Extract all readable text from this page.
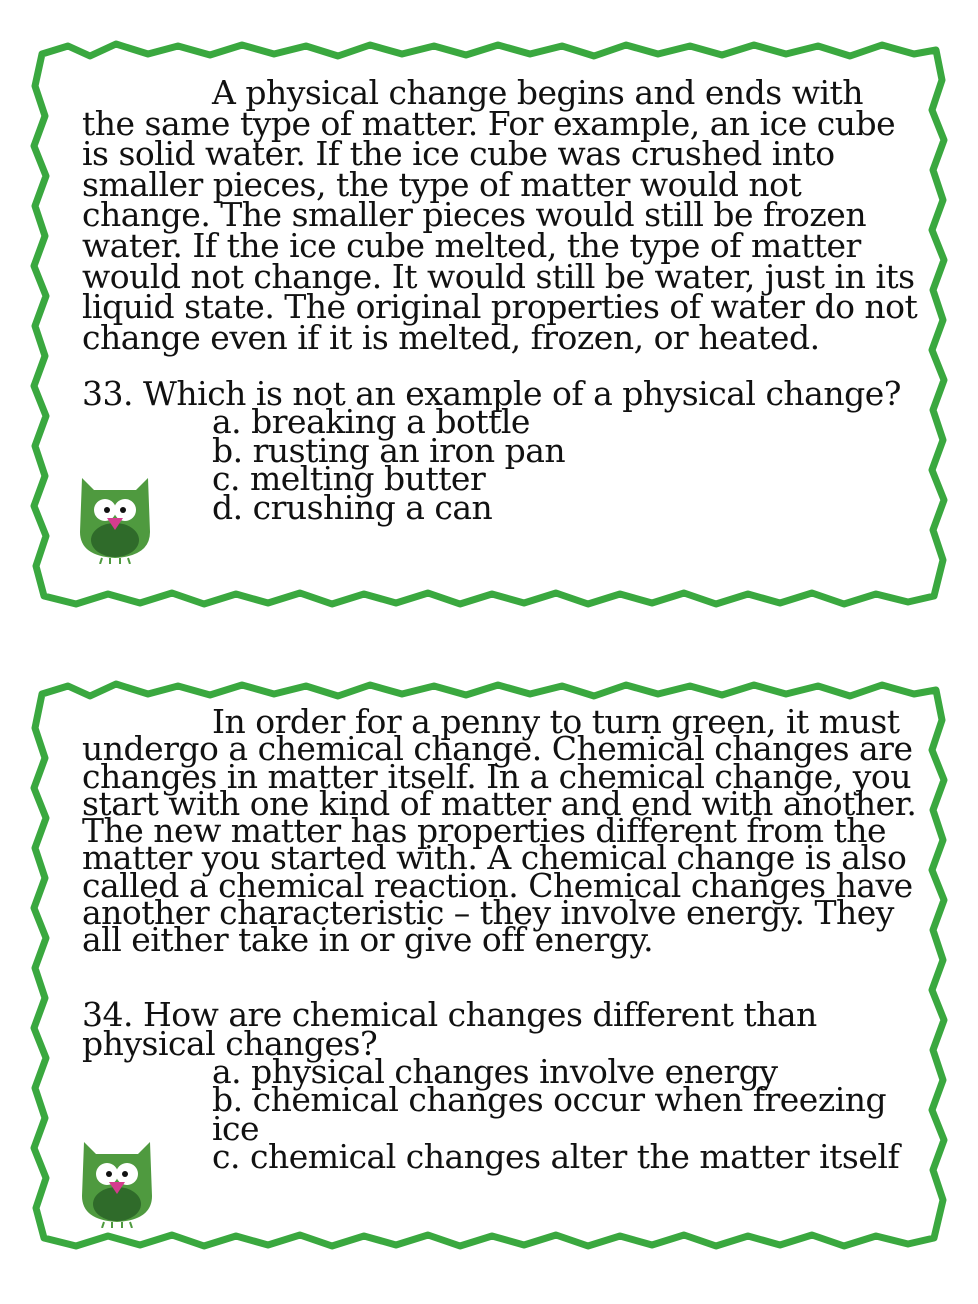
A physical change begins and ends with the same type of matter. For example, an ice cube is solid water. If the ice cube was crushed into smaller pieces, the type of matter would not change. The smaller pieces would still be frozen water. If the ice cube melted, the type of matter would not change. It would still be water, just in its liquid state. The original properties of water do not change even if it is melted, frozen, or heated.

33. Which is not an example of a physical change?

a. breaking a bottle
b. rusting an iron pan
c. melting butter
d. crushing a can

In order for a penny to turn green, it must undergo a chemical change. Chemical changes are changes in matter itself. In a chemical change, you start with one kind of matter and end with another. The new matter has properties different from the matter you started with. A chemical change is also called a chemical reaction. Chemical changes have another characteristic – they involve energy. They all either take in or give off energy.

34. How are chemical changes different than physical changes?

a. physical changes involve energy
b. chemical changes occur when freezing ice
c. chemical changes alter the matter itself
